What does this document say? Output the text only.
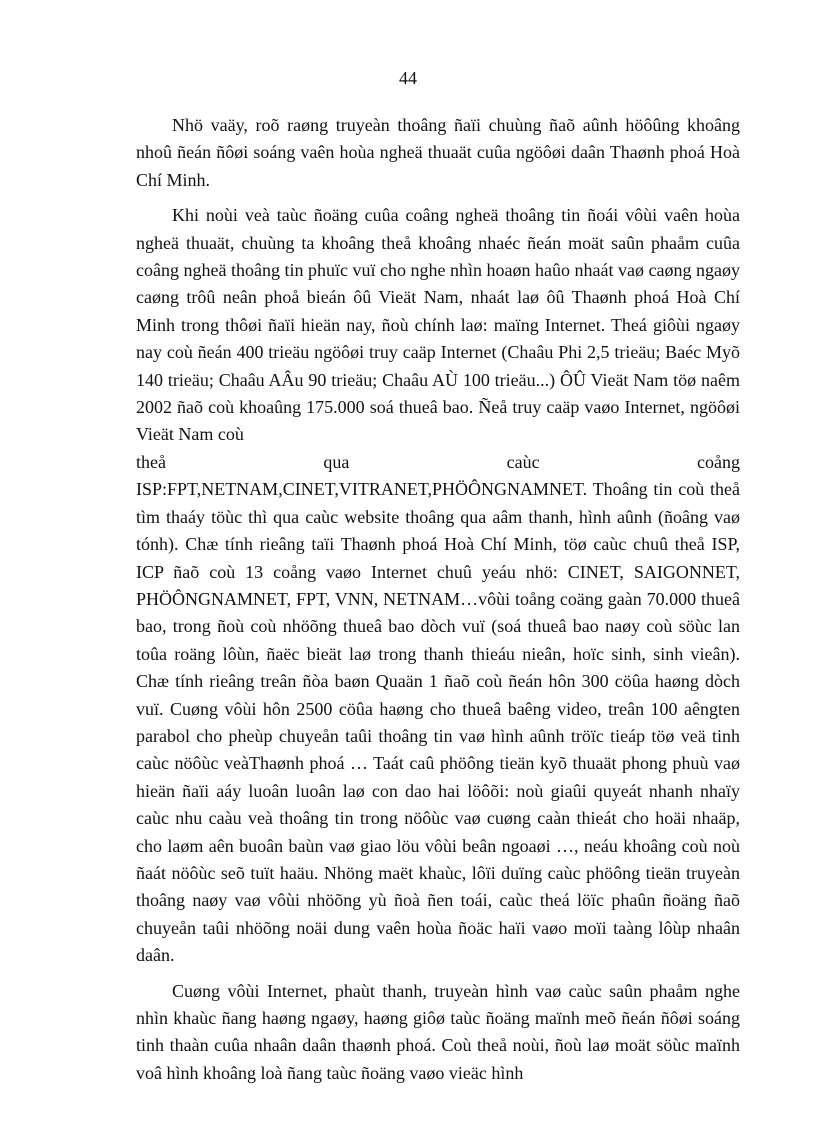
44

Nhö vaäy, roõ raøng truyeàn thoâng ñaïi chuùng ñaõ aûnh höôûng khoâng nhoû ñeán ñôøi soáng vaên hoùa ngheä thuaät cuûa ngöôøi daân Thaønh phoá Hoà Chí Minh.

Khi noùi veà taùc ñoäng cuûa coâng ngheä thoâng tin ñoái vôùi vaên hoùa ngheä thuaät, chuùng ta khoâng theå khoâng nhaéc ñeán moät saûn phaåm cuûa coâng ngheä thoâng tin phuïc vuï cho nghe nhìn hoaøn haûo nhaát vaø caøng ngaøy caøng trôû neân phoå bieán ôû Vieät Nam, nhaát laø ôû Thaønh phoá Hoà Chí Minh trong thôøi ñaïi hieän nay, ñoù chính laø: maïng Internet. Theá giôùi ngaøy nay coù ñeán 400 trieäu ngöôøi truy caäp Internet (Chaâu Phi 2,5 trieäu; Baéc Myõ 140 trieäu; Chaâu AÂu 90 trieäu; Chaâu AÙ 100 trieäu...) ÔÛ Vieät Nam töø naêm 2002 ñaõ coù khoaûng 175.000 soá thueâ bao. Ñeå truy caäp vaøo Internet, ngöôøi Vieät Nam coù

theå	qua	caùc	coång

ISP:FPT,NETNAM,CINET,VITRANET,PHÖÔNGNAMNET. Thoâng tin coù theå tìm thaáy töùc thì qua caùc website thoâng qua aâm thanh, hình aûnh (ñoâng vaø tónh). Chæ tính rieâng taïi Thaønh phoá Hoà Chí Minh, töø caùc chuû theå ISP, ICP ñaõ coù 13 coång vaøo Internet chuû yeáu nhö: CINET, SAIGONNET, PHÖÔNGNAMNET, FPT, VNN, NETNAM…vôùi toång coäng gaàn 70.000 thueâ bao, trong ñoù coù nhöõng thueâ bao dòch vuï (soá thueâ bao naøy coù söùc lan toûa roäng lôùn, ñaëc bieät laø trong thanh thieáu nieân, hoïc sinh, sinh vieân). Chæ tính rieâng treân ñòa baøn Quaän 1 ñaõ coù ñeán hôn 300 cöûa haøng dòch vuï. Cuøng vôùi hôn 2500 cöûa haøng cho thueâ baêng video, treân 100 aêngten parabol cho pheùp chuyeån taûi thoâng tin vaø hình aûnh tröïc tieáp töø veä tinh caùc nöôùc veàThaønh phoá … Taát caû phöông tieän kyõ thuaät phong phuù vaø hieän ñaïi aáy luoân luoân laø con dao hai löôõi: noù giaûi quyeát nhanh nhaïy caùc nhu caàu veà thoâng tin trong nöôùc vaø cuøng caàn thieát cho hoäi nhaäp, cho laøm aên buoân baùn vaø giao löu vôùi beân ngoaøi …, neáu khoâng coù noù ñaát nöôùc seõ tuït haäu. Nhöng maët khaùc, lôïi duïng caùc phöông tieän truyeàn thoâng naøy vaø vôùi nhöõng yù ñoà ñen toái, caùc theá löïc phaûn ñoäng ñaõ chuyeån taûi nhöõng noäi dung vaên hoùa ñoäc haïi vaøo moïi taàng lôùp nhaân daân.

Cuøng vôùi Internet, phaùt thanh, truyeàn hình vaø caùc saûn phaåm nghe nhìn khaùc ñang haøng ngaøy, haøng giôø taùc ñoäng maïnh meõ ñeán ñôøi soáng tinh thaàn cuûa nhaân daân thaønh phoá. Coù theå noùi, ñoù laø moät söùc maïnh voâ hình khoâng loà ñang taùc ñoäng vaøo vieäc hình
